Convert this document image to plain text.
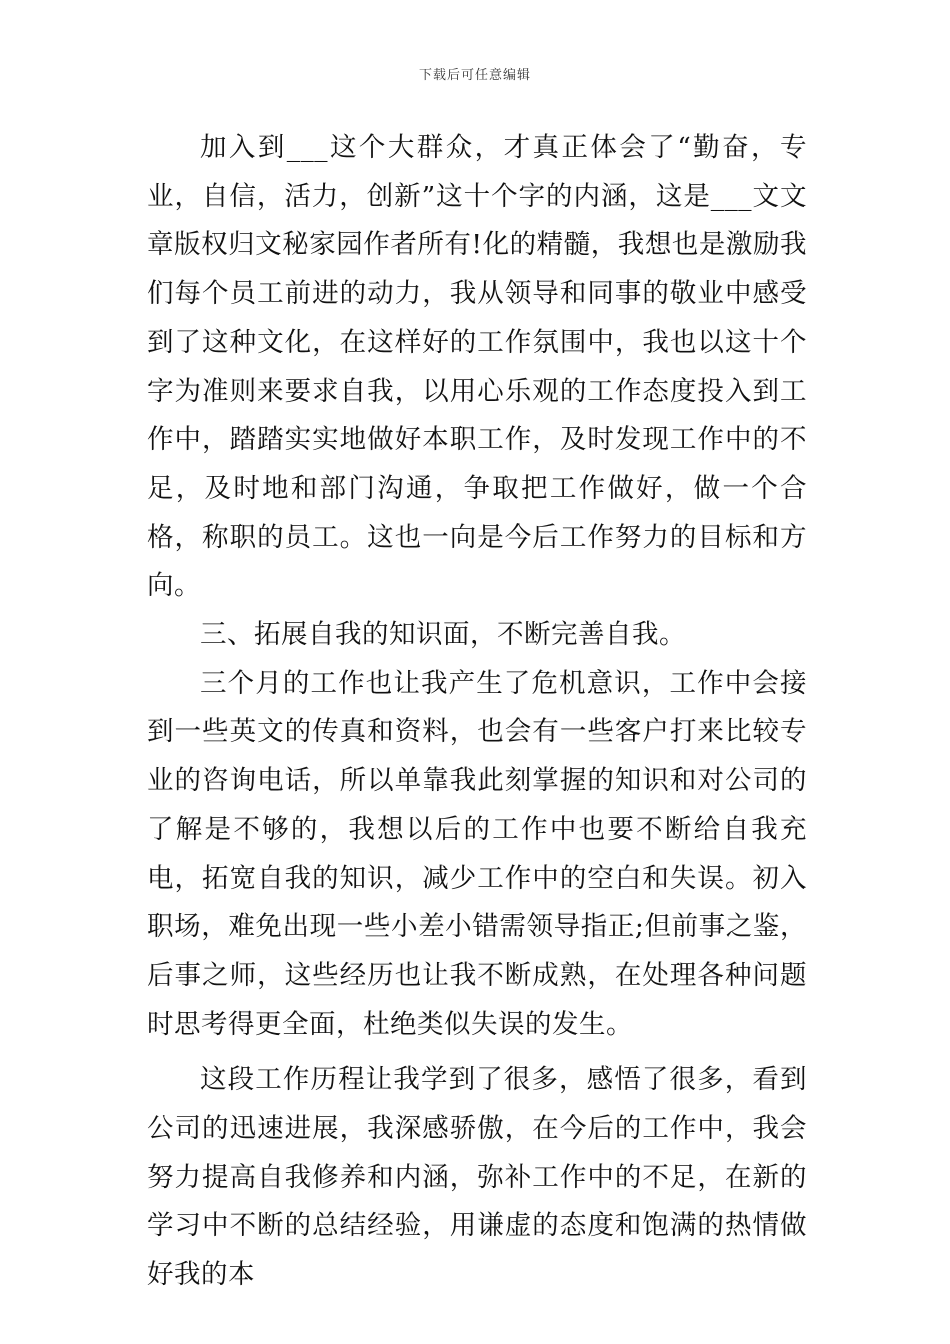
下载后可任意编辑

加入到___这个大群众，才真正体会了“勤奋，专业，自信，活力，创新”这十个字的内涵，这是___文文章版权归文秘家园作者所有!化的精髓，我想也是激励我们每个员工前进的动力，我从领导和同事的敬业中感受到了这种文化，在这样好的工作氛围中，我也以这十个字为准则来要求自我，以用心乐观的工作态度投入到工作中，踏踏实实地做好本职工作，及时发现工作中的不足，及时地和部门沟通，争取把工作做好，做一个合格，称职的员工。这也一向是今后工作努力的目标和方向。

三、拓展自我的知识面，不断完善自我。

三个月的工作也让我产生了危机意识，工作中会接到一些英文的传真和资料，也会有一些客户打来比较专业的咨询电话，所以单靠我此刻掌握的知识和对公司的了解是不够的，我想以后的工作中也要不断给自我充电，拓宽自我的知识，减少工作中的空白和失误。初入职场，难免出现一些小差小错需领导指正;但前事之鉴，后事之师，这些经历也让我不断成熟，在处理各种问题时思考得更全面，杜绝类似失误的发生。

这段工作历程让我学到了很多，感悟了很多，看到公司的迅速进展，我深感骄傲，在今后的工作中，我会努力提高自我修养和内涵，弥补工作中的不足，在新的学习中不断的总结经验，用谦虚的态度和饱满的热情做好我的本
